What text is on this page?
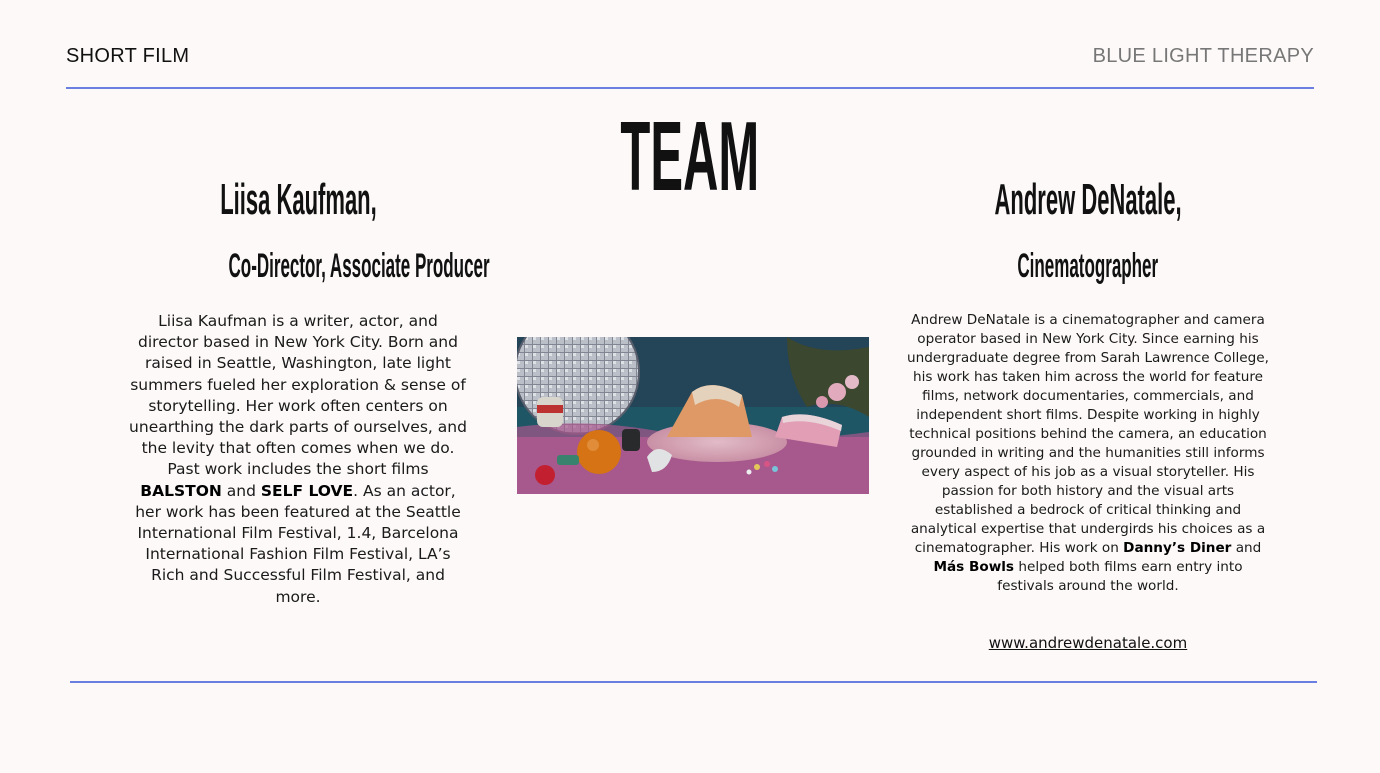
SHORT FILM	BLUE LIGHT THERAPY
TEAM
Liisa Kaufman,
Co-Director, Associate Producer
Liisa Kaufman is a writer, actor, and director based in New York City. Born and raised in Seattle, Washington, late light summers fueled her exploration & sense of storytelling. Her work often centers on unearthing the dark parts of ourselves, and the levity that often comes when we do. Past work includes the short films BALSTON and SELF LOVE. As an actor, her work has been featured at the Seattle International Film Festival, 1.4, Barcelona International Fashion Film Festival, LA’s Rich and Successful Film Festival, and more.
Andrew DeNatale,
Cinematographer
Andrew DeNatale is a cinematographer and camera operator based in New York City. Since earning his undergraduate degree from Sarah Lawrence College, his work has taken him across the world for feature films, network documentaries, commercials, and independent short films. Despite working in highly technical positions behind the camera, an education grounded in writing and the humanities still informs every aspect of his job as a visual storyteller. His passion for both history and the visual arts established a bedrock of critical thinking and analytical expertise that undergirds his choices as a cinematographer. His work on Danny’s Diner and Más Bowls helped both films earn entry into festivals around the world.
www.andrewdenatale.com
